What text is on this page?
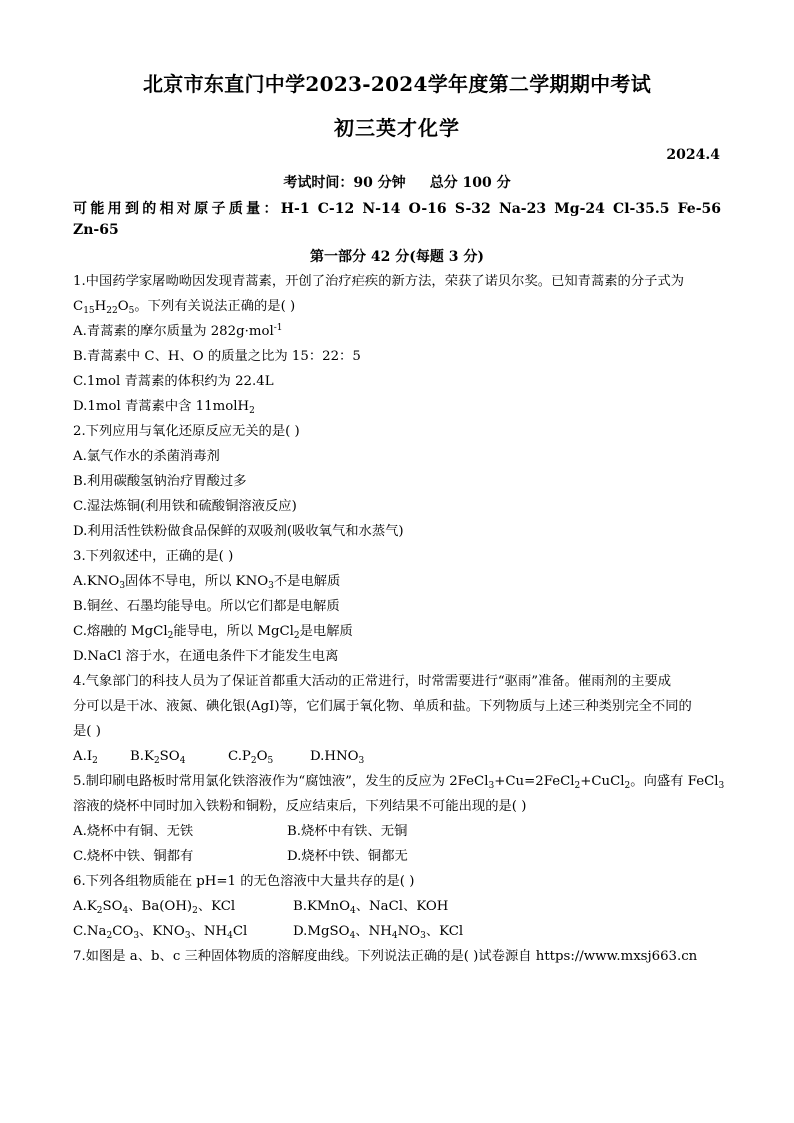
北京市东直门中学2023-2024学年度第二学期期中考试
初三英才化学
2024.4
考试时间：90 分钟 总分 100 分
可能用到的相对原子质量：H-1 C-12 N-14 O-16 S-32 Na-23 Mg-24 Cl-35.5 Fe-56
Zn-65
第一部分 42 分(每题 3 分)
1.中国药学家屠呦呦因发现青蒿素，开创了治疗疟疾的新方法，荣获了诺贝尔奖。已知青蒿素的分子式为
$C_{15}H_{22}O_5$。下列有关说法正确的是( )
A.青蒿素的摩尔质量为 282g·mol$^{-1}$
B.青蒿素中 C、H、O 的质量之比为 15：22：5
C.1mol 青蒿素的体积约为 22.4L
D.1mol 青蒿素中含 11molH$_2$
2.下列应用与氧化还原反应无关的是( )
A.氯气作水的杀菌消毒剂
B.利用碳酸氢钠治疗胃酸过多
C.湿法炼铜(利用铁和硫酸铜溶液反应)
D.利用活性铁粉做食品保鲜的双吸剂(吸收氧气和水蒸气)
3.下列叙述中，正确的是( )
$A.KNO_3$固体不导电，所以 $KNO_3$不是电解质
B.铜丝、石墨均能导电。所以它们都是电解质
C.熔融的 MgCl$_2$能导电，所以 MgCl$_2$是电解质
D.NaCl 溶于水，在通电条件下才能发生电离
4.气象部门的科技人员为了保证首都重大活动的正常进行，时常需要进行“驱雨”准备。催雨剂的主要成
分可以是干冰、液氮、碘化银(AgI)等，它们属于氧化物、单质和盐。下列物质与上述三种类别完全不同的
是( )
$A.I_2$ $B.K_2SO_4$	$C.P_2O_5$	$D.HNO_3$
5.制印刷电路板时常用氯化铁溶液作为“腐蚀液”，发生的反应为 2FeCl$_3$+Cu=2FeCl$_2$+CuCl$_2$。向盛有 FeCl$_3$
溶液的烧杯中同时加入铁粉和铜粉，反应结束后，下列结果不可能出现的是( )
A.烧杯中有铜、无铁	B.烧杯中有铁、无铜
C.烧杯中铁、铜都有	D.烧杯中铁、铜都无
6.下列各组物质能在 pH=1 的无色溶液中大量共存的是( )
$A.K_2SO_4$、$Ba(OH)_2$、KCl	B.KMnO$_4$、NaCl、KOH
$C.Na_2CO_3$、$KNO_3$、$NH_4Cl$	D.MgSO$_4$、$NH_4NO_3$、KCl
7.如图是 a、b、c 三种固体物质的溶解度曲线。下列说法正确的是( )试卷源自 https://www.mxsj663.cn
